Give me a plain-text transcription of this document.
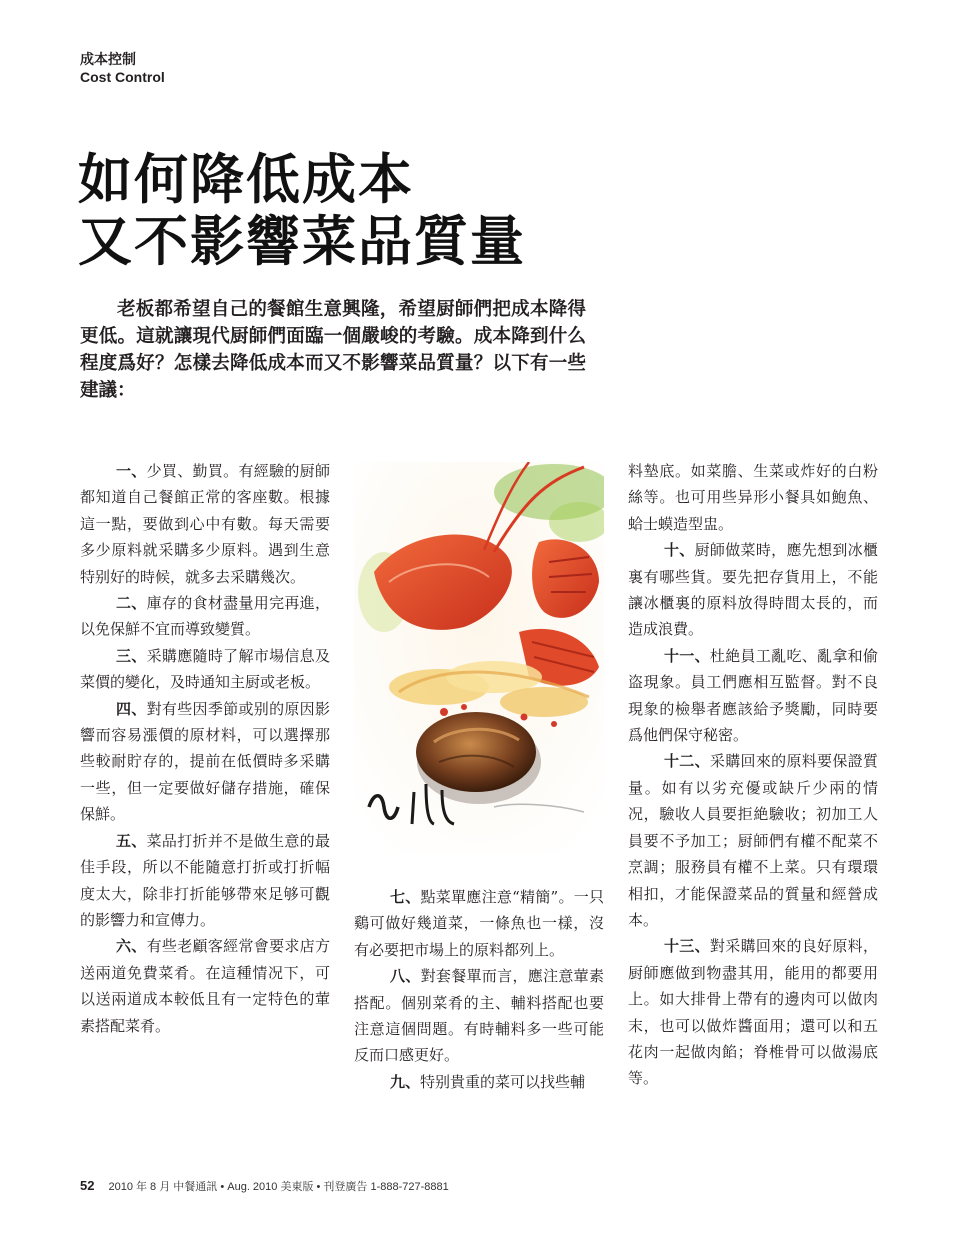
成本控制
Cost Control
如何降低成本
又不影響菜品質量
老板都希望自己的餐館生意興隆，希望厨師們把成本降得更低。這就讓現代厨師們面臨一個嚴峻的考驗。成本降到什么程度爲好？怎樣去降低成本而又不影響菜品質量？以下有一些建議：

一、少買、勤買。有經驗的厨師都知道自己餐館正常的客座數。根據這一點，要做到心中有數。每天需要多少原料就采購多少原料。遇到生意特别好的時候，就多去采購幾次。

二、庫存的食材盡量用完再進，以免保鮮不宜而導致變質。

三、采購應隨時了解市場信息及菜價的變化，及時通知主厨或老板。

四、對有些因季節或别的原因影響而容易漲價的原材料，可以選擇那些較耐貯存的，提前在低價時多采購一些，但一定要做好儲存措施，確保保鮮。

五、菜品打折并不是做生意的最佳手段，所以不能隨意打折或打折幅度太大，除非打折能够帶來足够可觀的影響力和宣傳力。

六、有些老顧客經常會要求店方送兩道免費菜肴。在這種情况下，可以送兩道成本較低且有一定特色的葷素搭配菜肴。

七、點菜單應注意“精簡”。一只鷄可做好幾道菜，一條魚也一樣，沒有必要把市場上的原料都列上。

八、對套餐單而言，應注意葷素搭配。個别菜肴的主、輔料搭配也要注意這個問題。有時輔料多一些可能反而口感更好。

九、特别貴重的菜可以找些輔

料墊底。如菜膽、生菜或炸好的白粉絲等。也可用些异形小餐具如鮑魚、蛤士蟆造型盅。

十、厨師做菜時，應先想到冰櫃裏有哪些貨。要先把存貨用上，不能讓冰櫃裏的原料放得時間太長的，而造成浪費。

十一、杜絶員工亂吃、亂拿和偷盗現象。員工們應相互監督。對不良現象的檢舉者應該給予獎勵，同時要爲他們保守秘密。

十二、采購回來的原料要保證質量。如有以劣充優或缺斤少兩的情况，驗收人員要拒絶驗收；初加工人員要不予加工；厨師們有權不配菜不烹調；服務員有權不上菜。只有環環相扣，才能保證菜品的質量和經營成本。

十三、對采購回來的良好原料，厨師應做到物盡其用，能用的都要用上。如大排骨上帶有的邊肉可以做肉末，也可以做炸醬面用；還可以和五花肉一起做肉餡；脊椎骨可以做湯底等。

52 2010 年 8 月 中餐通訊 • Aug. 2010 美東版 • 刊登廣告 1-888-727-8881
